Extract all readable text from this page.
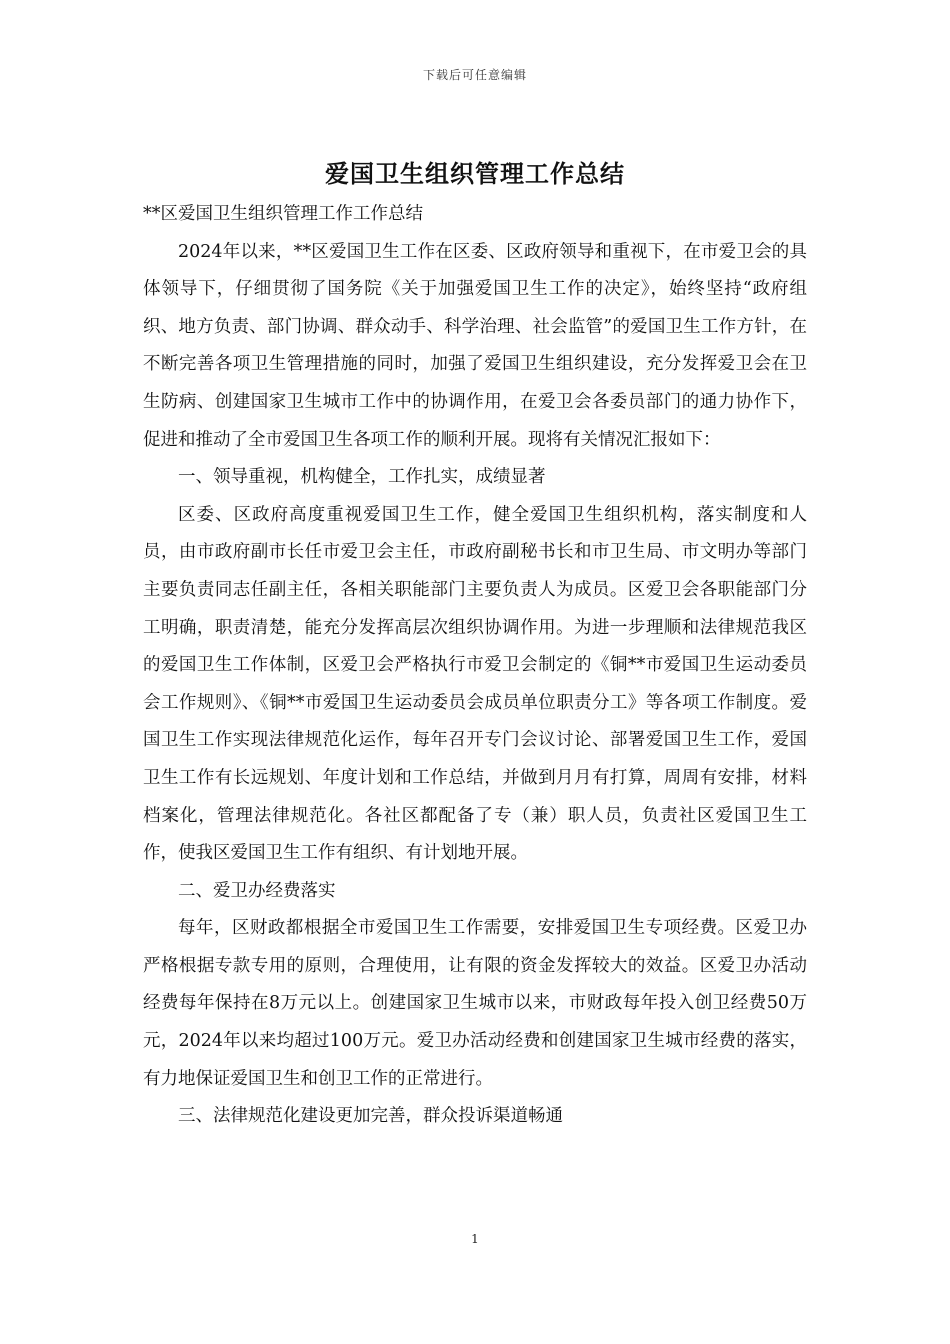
下载后可任意编辑
爱国卫生组织管理工作总结

**区爱国卫生组织管理工作工作总结

2024年以来，**区爱国卫生工作在区委、区政府领导和重视下，在市爱卫会的具体领导下，仔细贯彻了国务院《关于加强爱国卫生工作的决定》，始终坚持“政府组织、地方负责、部门协调、群众动手、科学治理、社会监管”的爱国卫生工作方针，在不断完善各项卫生管理措施的同时，加强了爱国卫生组织建设，充分发挥爱卫会在卫生防病、创建国家卫生城市工作中的协调作用，在爱卫会各委员部门的通力协作下，促进和推动了全市爱国卫生各项工作的顺利开展。现将有关情况汇报如下：

一、领导重视，机构健全，工作扎实，成绩显著

区委、区政府高度重视爱国卫生工作，健全爱国卫生组织机构，落实制度和人员，由市政府副市长任市爱卫会主任，市政府副秘书长和市卫生局、市文明办等部门主要负责同志任副主任，各相关职能部门主要负责人为成员。区爱卫会各职能部门分工明确，职责清楚，能充分发挥高层次组织协调作用。为进一步理顺和法律规范我区的爱国卫生工作体制，区爱卫会严格执行市爱卫会制定的《铜**市爱国卫生运动委员会工作规则》、《铜**市爱国卫生运动委员会成员单位职责分工》等各项工作制度。爱国卫生工作实现法律规范化运作，每年召开专门会议讨论、部署爱国卫生工作，爱国卫生工作有长远规划、年度计划和工作总结，并做到月月有打算，周周有安排，材料档案化，管理法律规范化。各社区都配备了专（兼）职人员，负责社区爱国卫生工作，使我区爱国卫生工作有组织、有计划地开展。

二、爱卫办经费落实

每年，区财政都根据全市爱国卫生工作需要，安排爱国卫生专项经费。区爱卫办严格根据专款专用的原则，合理使用，让有限的资金发挥较大的效益。区爱卫办活动经费每年保持在8万元以上。创建国家卫生城市以来，市财政每年投入创卫经费50万元，2024年以来均超过100万元。爱卫办活动经费和创建国家卫生城市经费的落实，有力地保证爱国卫生和创卫工作的正常进行。

三、法律规范化建设更加完善，群众投诉渠道畅通

1
